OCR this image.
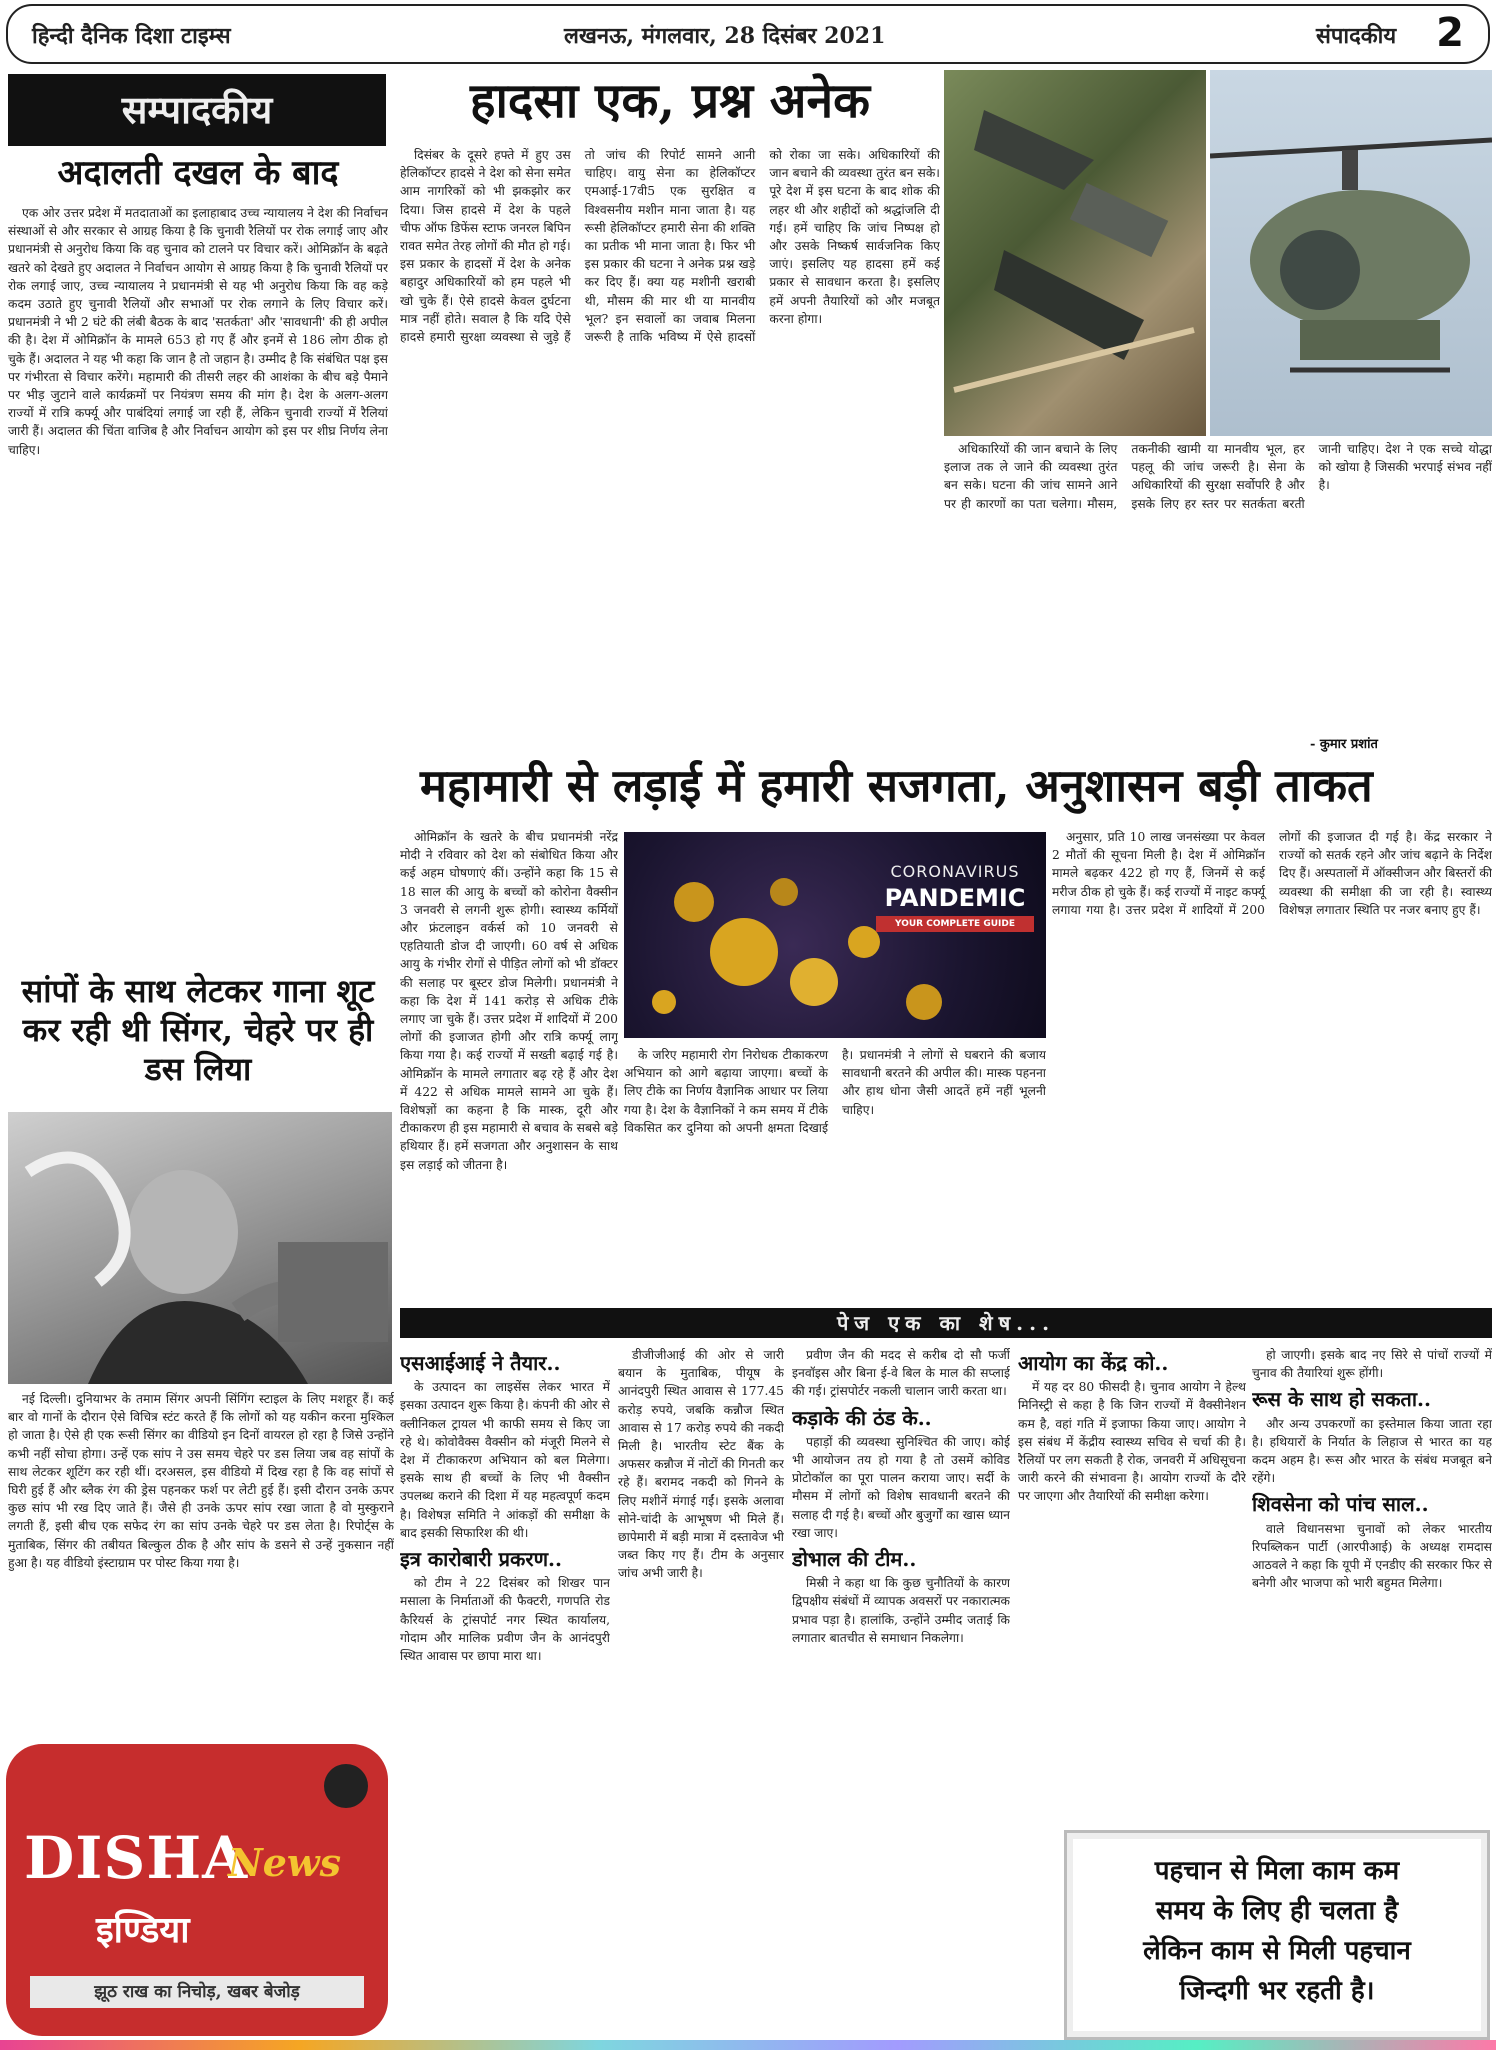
हिन्दी दैनिक दिशा टाइम्स	लखनऊ, मंगलवार, 28 दिसंबर 2021	संपादकीय 2
सम्पादकीय
अदालती दखल के बाद

एक ओर उत्तर प्रदेश में मतदाताओं का इलाहाबाद उच्च न्यायालय ने देश की निर्वाचन संस्थाओं से और सरकार से आग्रह किया है कि चुनावी रैलियों पर रोक लगाई जाए और प्रधानमंत्री से अनुरोध किया कि वह चुनाव को टालने पर विचार करें। ओमिक्रॉन के बढ़ते खतरे को देखते हुए अदालत ने निर्वाचन आयोग से आग्रह किया है कि चुनावी रैलियों पर रोक लगाई जाए, उच्च न्यायालय ने प्रधानमंत्री से यह भी अनुरोध किया कि वह कड़े कदम उठाते हुए चुनावी रैलियों और सभाओं पर रोक लगाने के लिए विचार करें। प्रधानमंत्री ने भी 2 घंटे की लंबी बैठक के बाद 'सतर्कता' और 'सावधानी' की ही अपील की है। देश में ओमिक्रॉन के मामले 653 हो गए हैं और इनमें से 186 लोग ठीक हो चुके हैं। अदालत ने यह भी कहा कि जान है तो जहान है। उम्मीद है कि संबंधित पक्ष इस पर गंभीरता से विचार करेंगे। महामारी की तीसरी लहर की आशंका के बीच बड़े पैमाने पर भीड़ जुटाने वाले कार्यक्रमों पर नियंत्रण समय की मांग है। देश के अलग-अलग राज्यों में रात्रि कर्फ्यू और पाबंदियां लगाई जा रही हैं, लेकिन चुनावी राज्यों में रैलियां जारी हैं। अदालत की चिंता वाजिब है और निर्वाचन आयोग को इस पर शीघ्र निर्णय लेना चाहिए।

सांपों के साथ लेटकर गाना शूट कर रही थी सिंगर, चेहरे पर ही डस लिया

नई दिल्ली। दुनियाभर के तमाम सिंगर अपनी सिंगिंग स्टाइल के लिए मशहूर हैं। कई बार वो गानों के दौरान ऐसे विचित्र स्टंट करते हैं कि लोगों को यह यकीन करना मुश्किल हो जाता है। ऐसे ही एक रूसी सिंगर का वीडियो इन दिनों वायरल हो रहा है जिसे उन्होंने कभी नहीं सोचा होगा। उन्हें एक सांप ने उस समय चेहरे पर डस लिया जब वह सांपों के साथ लेटकर शूटिंग कर रही थीं। दरअसल, इस वीडियो में दिख रहा है कि वह सांपों से घिरी हुई हैं और ब्लैक रंग की ड्रेस पहनकर फर्श पर लेटी हुई हैं। इसी दौरान उनके ऊपर कुछ सांप भी रख दिए जाते हैं। जैसे ही उनके ऊपर सांप रखा जाता है वो मुस्कुराने लगती हैं, इसी बीच एक सफेद रंग का सांप उनके चेहरे पर डस लेता है। रिपोर्ट्स के मुताबिक, सिंगर की तबीयत बिल्कुल ठीक है और सांप के डसने से उन्हें नुकसान नहीं हुआ है। यह वीडियो इंस्टाग्राम पर पोस्ट किया गया है।

DISHA
News
इण्डिया
झूठ राख का निचोड़, खबर बेजोड़
हादसा एक, प्रश्न अनेक

दिसंबर के दूसरे हफ्ते में हुए उस हेलिकॉप्टर हादसे ने देश को सेना समेत आम नागरिकों को भी झकझोर कर दिया। जिस हादसे में देश के पहले चीफ ऑफ डिफेंस स्टाफ जनरल बिपिन रावत समेत तेरह लोगों की मौत हो गई। इस प्रकार के हादसों में देश के अनेक बहादुर अधिकारियों को हम पहले भी खो चुके हैं। ऐसे हादसे केवल दुर्घटना मात्र नहीं होते। सवाल है कि यदि ऐसे हादसे हमारी सुरक्षा व्यवस्था से जुड़े हैं तो जांच की रिपोर्ट सामने आनी चाहिए। वायु सेना का हेलिकॉप्टर एमआई-17वी5 एक सुरक्षित व विश्वसनीय मशीन माना जाता है। यह रूसी हेलिकॉप्टर हमारी सेना की शक्ति का प्रतीक भी माना जाता है। फिर भी इस प्रकार की घटना ने अनेक प्रश्न खड़े कर दिए हैं। क्या यह मशीनी खराबी थी, मौसम की मार थी या मानवीय भूल? इन सवालों का जवाब मिलना जरूरी है ताकि भविष्य में ऐसे हादसों को रोका जा सके। अधिकारियों की जान बचाने की व्यवस्था तुरंत बन सके। पूरे देश में इस घटना के बाद शोक की लहर थी और शहीदों को श्रद्धांजलि दी गई। हमें चाहिए कि जांच निष्पक्ष हो और उसके निष्कर्ष सार्वजनिक किए जाएं। इसलिए यह हादसा हमें कई प्रकार से सावधान करता है। इसलिए हमें अपनी तैयारियों को और मजबूत करना होगा।

अधिकारियों की जान बचाने के लिए इलाज तक ले जाने की व्यवस्था तुरंत बन सके। घटना की जांच सामने आने पर ही कारणों का पता चलेगा। मौसम, तकनीकी खामी या मानवीय भूल, हर पहलू की जांच जरूरी है। सेना के अधिकारियों की सुरक्षा सर्वोपरि है और इसके लिए हर स्तर पर सतर्कता बरती जानी चाहिए। देश ने एक सच्चे योद्धा को खोया है जिसकी भरपाई संभव नहीं है।

- कुमार प्रशांत
महामारी से लड़ाई में हमारी सजगता, अनुशासन बड़ी ताकत

ओमिक्रॉन के खतरे के बीच प्रधानमंत्री नरेंद्र मोदी ने रविवार को देश को संबोधित किया और कई अहम घोषणाएं कीं। उन्होंने कहा कि 15 से 18 साल की आयु के बच्चों को कोरोना वैक्सीन 3 जनवरी से लगनी शुरू होगी। स्वास्थ्य कर्मियों और फ्रंटलाइन वर्कर्स को 10 जनवरी से एहतियाती डोज दी जाएगी। 60 वर्ष से अधिक आयु के गंभीर रोगों से पीड़ित लोगों को भी डॉक्टर की सलाह पर बूस्टर डोज मिलेगी। प्रधानमंत्री ने कहा कि देश में 141 करोड़ से अधिक टीके लगाए जा चुके हैं। उत्तर प्रदेश में शादियों में 200 लोगों की इजाजत होगी और रात्रि कर्फ्यू लागू किया गया है। कई राज्यों में सख्ती बढ़ाई गई है। ओमिक्रॉन के मामले लगातार बढ़ रहे हैं और देश में 422 से अधिक मामले सामने आ चुके हैं। विशेषज्ञों का कहना है कि मास्क, दूरी और टीकाकरण ही इस महामारी से बचाव के सबसे बड़े हथियार हैं। हमें सजगता और अनुशासन के साथ इस लड़ाई को जीतना है।

CORONAVIRUS
PANDEMIC
YOUR COMPLETE GUIDE

के जरिए महामारी रोग निरोधक टीकाकरण अभियान को आगे बढ़ाया जाएगा। बच्चों के लिए टीके का निर्णय वैज्ञानिक आधार पर लिया गया है। देश के वैज्ञानिकों ने कम समय में टीके विकसित कर दुनिया को अपनी क्षमता दिखाई है। प्रधानमंत्री ने लोगों से घबराने की बजाय सावधानी बरतने की अपील की। मास्क पहनना और हाथ धोना जैसी आदतें हमें नहीं भूलनी चाहिए।

अनुसार, प्रति 10 लाख जनसंख्या पर केवल 2 मौतों की सूचना मिली है। देश में ओमिक्रॉन मामले बढ़कर 422 हो गए हैं, जिनमें से कई मरीज ठीक हो चुके हैं। कई राज्यों में नाइट कर्फ्यू लगाया गया है। उत्तर प्रदेश में शादियों में 200 लोगों की इजाजत दी गई है। केंद्र सरकार ने राज्यों को सतर्क रहने और जांच बढ़ाने के निर्देश दिए हैं। अस्पतालों में ऑक्सीजन और बिस्तरों की व्यवस्था की समीक्षा की जा रही है। स्वास्थ्य विशेषज्ञ लगातार स्थिति पर नजर बनाए हुए हैं।

पेज एक का शेष...
एसआईआई ने तैयार..

के उत्पादन का लाइसेंस लेकर भारत में इसका उत्पादन शुरू किया है। कंपनी की ओर से क्लीनिकल ट्रायल भी काफी समय से किए जा रहे थे। कोवोवैक्स वैक्सीन को मंजूरी मिलने से देश में टीकाकरण अभियान को बल मिलेगा। इसके साथ ही बच्चों के लिए भी वैक्सीन उपलब्ध कराने की दिशा में यह महत्वपूर्ण कदम है। विशेषज्ञ समिति ने आंकड़ों की समीक्षा के बाद इसकी सिफारिश की थी।

इत्र कारोबारी प्रकरण..

को टीम ने 22 दिसंबर को शिखर पान मसाला के निर्माताओं की फैक्टरी, गणपति रोड कैरियर्स के ट्रांसपोर्ट नगर स्थित कार्यालय, गोदाम और मालिक प्रवीण जैन के आनंदपुरी स्थित आवास पर छापा मारा था।

डीजीजीआई की ओर से जारी बयान के मुताबिक, पीयूष के आनंदपुरी स्थित आवास से 177.45 करोड़ रुपये, जबकि कन्नौज स्थित आवास से 17 करोड़ रुपये की नकदी मिली है। भारतीय स्टेट बैंक के अफसर कन्नौज में नोटों की गिनती कर रहे हैं। बरामद नकदी को गिनने के लिए मशीनें मंगाई गईं। इसके अलावा सोने-चांदी के आभूषण भी मिले हैं। छापेमारी में बड़ी मात्रा में दस्तावेज भी जब्त किए गए हैं। टीम के अनुसार जांच अभी जारी है।

प्रवीण जैन की मदद से करीब दो सौ फर्जी इनवॉइस और बिना ई-वे बिल के माल की सप्लाई की गई। ट्रांसपोर्टर नकली चालान जारी करता था।

कड़ाके की ठंड के..

पहाड़ों की व्यवस्था सुनिश्चित की जाए। कोई भी आयोजन तय हो गया है तो उसमें कोविड प्रोटोकॉल का पूरा पालन कराया जाए। सर्दी के मौसम में लोगों को विशेष सावधानी बरतने की सलाह दी गई है। बच्चों और बुजुर्गों का खास ध्यान रखा जाए।

डोभाल की टीम..

मिस्री ने कहा था कि कुछ चुनौतियों के कारण द्विपक्षीय संबंधों में व्यापक अवसरों पर नकारात्मक प्रभाव पड़ा है। हालांकि, उन्होंने उम्मीद जताई कि लगातार बातचीत से समाधान निकलेगा।

आयोग का केंद्र को..

में यह दर 80 फीसदी है। चुनाव आयोग ने हेल्थ मिनिस्ट्री से कहा है कि जिन राज्यों में वैक्सीनेशन कम है, वहां गति में इजाफा किया जाए। आयोग ने इस संबंध में केंद्रीय स्वास्थ्य सचिव से चर्चा की है। रैलियों पर लग सकती है रोक, जनवरी में अधिसूचना जारी करने की संभावना है। आयोग राज्यों के दौरे पर जाएगा और तैयारियों की समीक्षा करेगा।

हो जाएगी। इसके बाद नए सिरे से पांचों राज्यों में चुनाव की तैयारियां शुरू होंगी।

रूस के साथ हो सकता..

और अन्य उपकरणों का इस्तेमाल किया जाता रहा है। हथियारों के निर्यात के लिहाज से भारत का यह कदम अहम है। रूस और भारत के संबंध मजबूत बने रहेंगे।

शिवसेना को पांच साल..

वाले विधानसभा चुनावों को लेकर भारतीय रिपब्लिकन पार्टी (आरपीआई) के अध्यक्ष रामदास आठवले ने कहा कि यूपी में एनडीए की सरकार फिर से बनेगी और भाजपा को भारी बहुमत मिलेगा।

पहचान से मिला काम कम
समय के लिए ही चलता है
लेकिन काम से मिली पहचान
जिन्दगी भर रहती है।
